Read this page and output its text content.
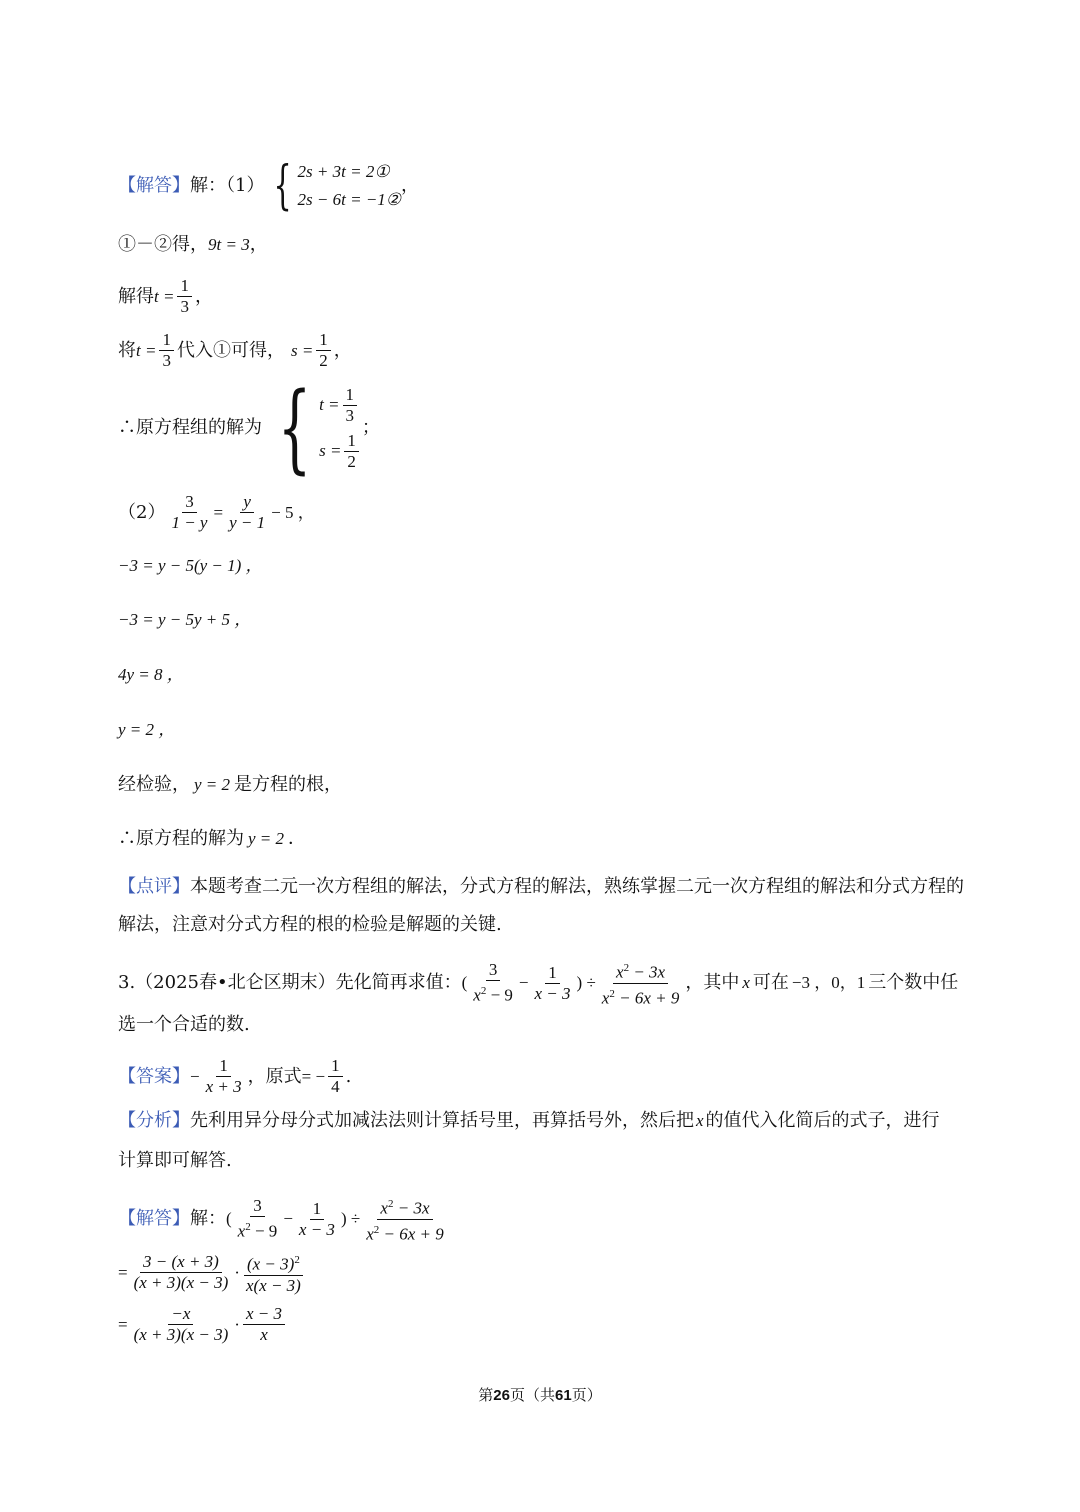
【解答】 解：（1） { 2s + 3t = 2①
2s − 6t = −1②
，
①－②得， 9t = 3 ，
解得 $t = \frac{1}{3}$ ，
将 $t = \frac{1}{3}$ 代入①可得， $s = \frac{1}{2}$ ，
∴原方程组的解为 { $t = \frac{1}{3}$
$s = \frac{1}{2}$
；
$(2) \frac{3}{1 - y} = \frac{y}{y - 1} - 5$ ，
−3 = y − 5(y − 1) ，
−3 = y − 5y + 5 ，
4y = 8 ，
y = 2 ，
经检验， y = 2 是方程的根，
∴原方程的解为 y = 2 ．
【点评】本题考查二元一次方程组的解法，分式方程的解法，熟练掌握二元一次方程组的解法和分式方程的解法，注意对分式方程的根的检验是解题的关键.
3.（2025春•北仑区期末）先化简再求值： ( $\frac{3}{x^2 - 9} - \frac{1}{x - 3}$ ) ÷ $\frac{x^2 - 3x}{x^2 - 6x + 9}$ ，其中 x 可在 −3 ，0，1 三个数中任
选一个合适的数.
【答案】 − $\frac{1}{x + 3}$ ，原式 = − $\frac{1}{4}$ .
【分析】 先利用异分母分式加减法法则计算括号里，再算括号外，然后把 x 的值代入化简后的式子，进行
计算即可解答.
【解答】 解： ( $\frac{3}{x^2 - 9} - \frac{1}{x - 3}$ ) ÷ $\frac{x^2 - 3x}{x^2 - 6x + 9}$
= $\frac{3 - (x + 3)}{(x + 3)(x - 3)} \cdot \frac{(x - 3)^2}{x(x - 3)}$
= $\frac{-x}{(x + 3)(x - 3)} \cdot \frac{x - 3}{x}$
第26页（共61页）
